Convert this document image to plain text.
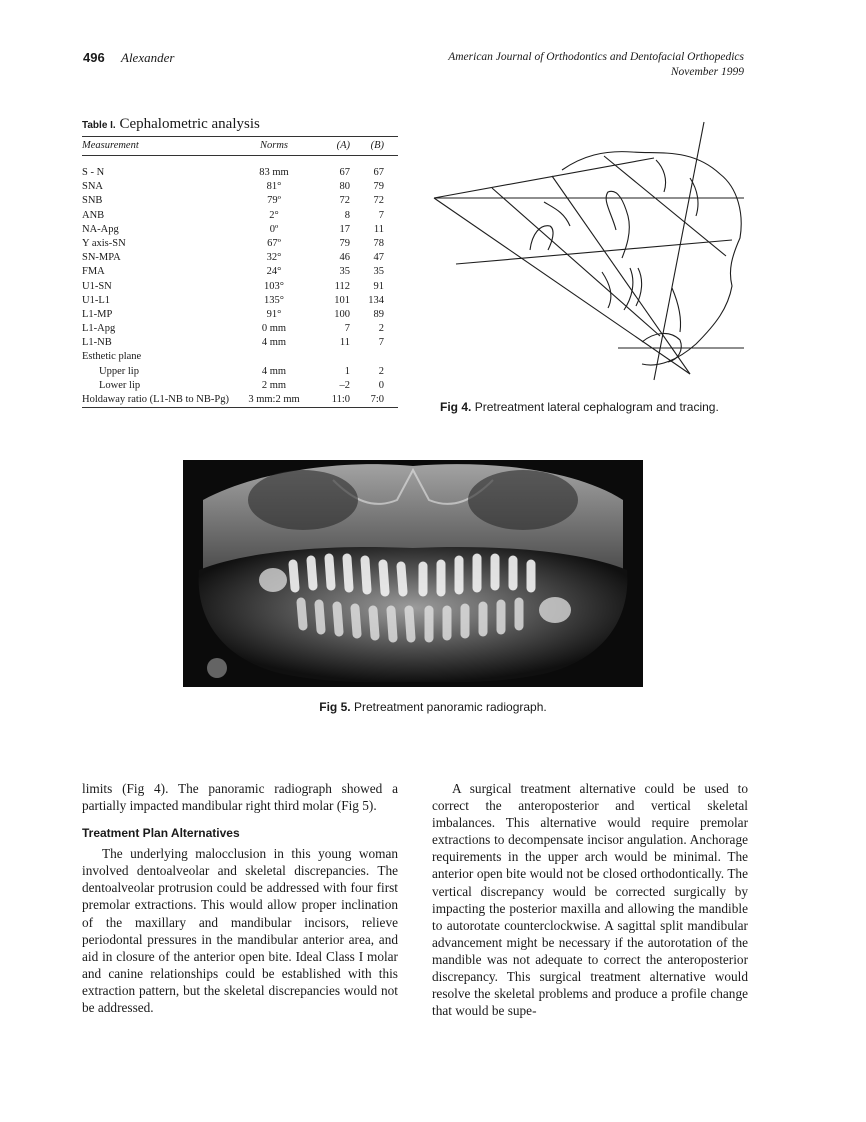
496 Alexander	American Journal of Orthodontics and Dentofacial Orthopedics
November 1999
Table I. Cephalometric analysis
Measurement	Norms	(A)	(B)
S - N	83 mm	67	67
SNA	81°	80	79
SNB	79º	72	72
ANB	2°	8	7
NA-Apg	0º	17	11
Y axis-SN	67º	79	78
SN-MPA	32°	46	47
FMA	24°	35	35
U1-SN	103°	112	91
U1-L1	135°	101	134
L1-MP	91°	100	89
L1-Apg	0 mm	7	2
L1-NB	4 mm	11	7
Esthetic plane
Upper lip	4 mm	1	2
Lower lip	2 mm	–2	0
Holdaway ratio (L1-NB to NB-Pg)	3 mm:2 mm	11:0	7:0
Fig 4. Pretreatment lateral cephalogram and tracing.
Fig 5. Pretreatment panoramic radiograph.

limits (Fig 4). The panoramic radiograph showed a partially impacted mandibular right third molar (Fig 5).

Treatment Plan Alternatives

The underlying malocclusion in this young woman involved dentoalveolar and skeletal discrepancies. The dentoalveolar protrusion could be addressed with four first premolar extractions. This would allow proper inclination of the maxillary and mandibular incisors, relieve periodontal pressures in the mandibular anterior area, and aid in closure of the anterior open bite. Ideal Class I molar and canine relationships could be established with this extraction pattern, but the skeletal discrepancies would not be addressed.

A surgical treatment alternative could be used to correct the anteroposterior and vertical skeletal imbalances. This alternative would require premolar extractions to decompensate incisor angulation. Anchorage requirements in the upper arch would be minimal. The anterior open bite would not be closed orthodontically. The vertical discrepancy would be corrected surgically by impacting the posterior maxilla and allowing the mandible to autorotate counterclockwise. A sagittal split mandibular advancement might be necessary if the autorotation of the mandible was not adequate to correct the anteroposterior discrepancy. This surgical treatment alternative would resolve the skeletal problems and produce a profile change that would be supe-
